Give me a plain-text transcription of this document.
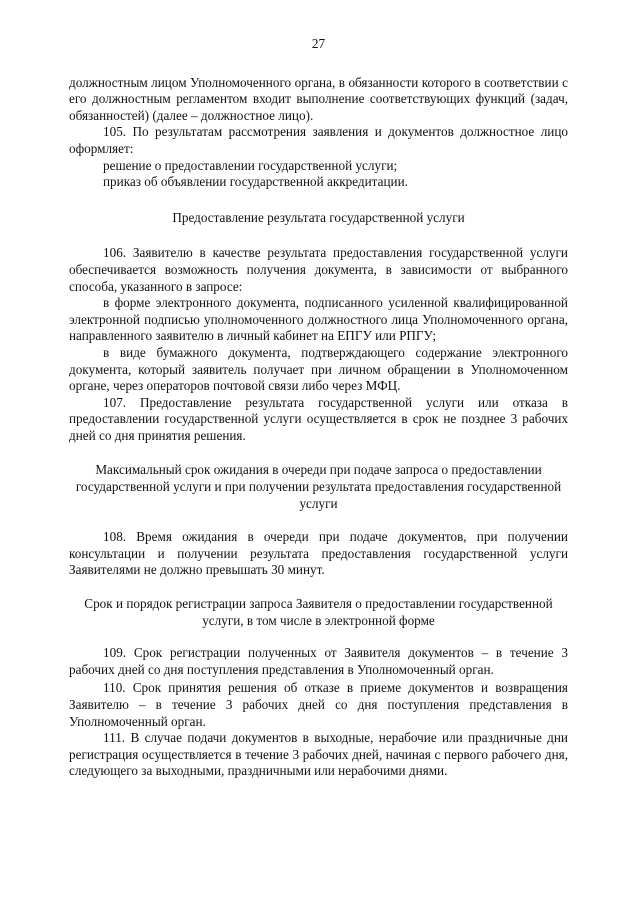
27

должностным лицом Уполномоченного органа, в обязанности которого в соответствии с его должностным регламентом входит выполнение соответствующих функций (задач, обязанностей) (далее – должностное лицо).

105. По результатам рассмотрения заявления и документов должностное лицо оформляет:

решение о предоставлении государственной услуги;

приказ об объявлении государственной аккредитации.

Предоставление результата государственной услуги

106. Заявителю в качестве результата предоставления государственной услуги обеспечивается возможность получения документа, в зависимости от выбранного способа, указанного в запросе:

в форме электронного документа, подписанного усиленной квалифицированной электронной подписью уполномоченного должностного лица Уполномоченного органа, направленного заявителю в личный кабинет на ЕПГУ или РПГУ;

в виде бумажного документа, подтверждающего содержание электронного документа, который заявитель получает при личном обращении в Уполномоченном органе, через операторов почтовой связи либо через МФЦ.

107. Предоставление результата государственной услуги или отказа в предоставлении государственной услуги осуществляется в срок не позднее 3 рабочих дней со дня принятия решения.

Максимальный срок ожидания в очереди при подаче запроса о предоставлении государственной услуги и при получении результата предоставления государственной услуги

108. Время ожидания в очереди при подаче документов, при получении консультации и получении результата предоставления государственной услуги Заявителями не должно превышать 30 минут.

Срок и порядок регистрации запроса Заявителя о предоставлении государственной услуги, в том числе в электронной форме

109. Срок регистрации полученных от Заявителя документов – в течение 3 рабочих дней со дня поступления представления в Уполномоченный орган.

110. Срок принятия решения об отказе в приеме документов и возвращения Заявителю – в течение 3 рабочих дней со дня поступления представления в Уполномоченный орган.

111. В случае подачи документов в выходные, нерабочие или праздничные дни регистрация осуществляется в течение 3 рабочих дней, начиная с первого рабочего дня, следующего за выходными, праздничными или нерабочими днями.
